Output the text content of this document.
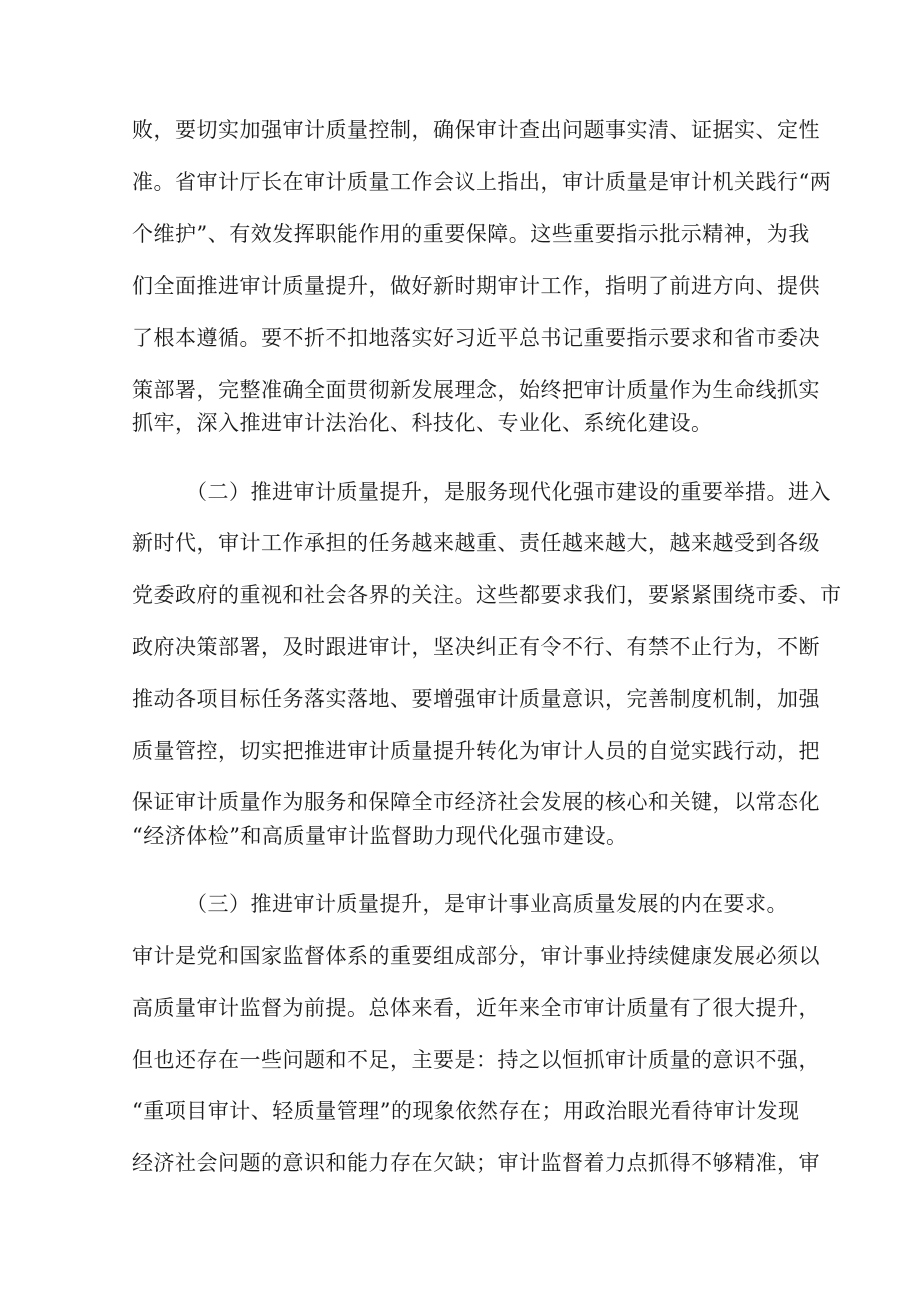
败，要切实加强审计质量控制，确保审计查出问题事实清、证据实、定性
准。省审计厅长在审计质量工作会议上指出，审计质量是审计机关践行“两
个维护”、有效发挥职能作用的重要保障。这些重要指示批示精神，为我
们全面推进审计质量提升，做好新时期审计工作，指明了前进方向、提供
了根本遵循。要不折不扣地落实好习近平总书记重要指示要求和省市委决
策部署，完整准确全面贯彻新发展理念，始终把审计质量作为生命线抓实
抓牢，深入推进审计法治化、科技化、专业化、系统化建设。
（二）推进审计质量提升，是服务现代化强市建设的重要举措。进入
新时代，审计工作承担的任务越来越重、责任越来越大，越来越受到各级
党委政府的重视和社会各界的关注。这些都要求我们，要紧紧围绕市委、市
政府决策部署，及时跟进审计，坚决纠正有令不行、有禁不止行为，不断
推动各项目标任务落实落地、要增强审计质量意识，完善制度机制，加强
质量管控，切实把推进审计质量提升转化为审计人员的自觉实践行动，把
保证审计质量作为服务和保障全市经济社会发展的核心和关键，以常态化
“经济体检”和高质量审计监督助力现代化强市建设。
（三）推进审计质量提升，是审计事业高质量发展的内在要求。
审计是党和国家监督体系的重要组成部分，审计事业持续健康发展必须以
高质量审计监督为前提。总体来看，近年来全市审计质量有了很大提升，
但也还存在一些问题和不足，主要是：持之以恒抓审计质量的意识不强，
“重项目审计、轻质量管理”的现象依然存在；用政治眼光看待审计发现
经济社会问题的意识和能力存在欠缺；审计监督着力点抓得不够精准，审
